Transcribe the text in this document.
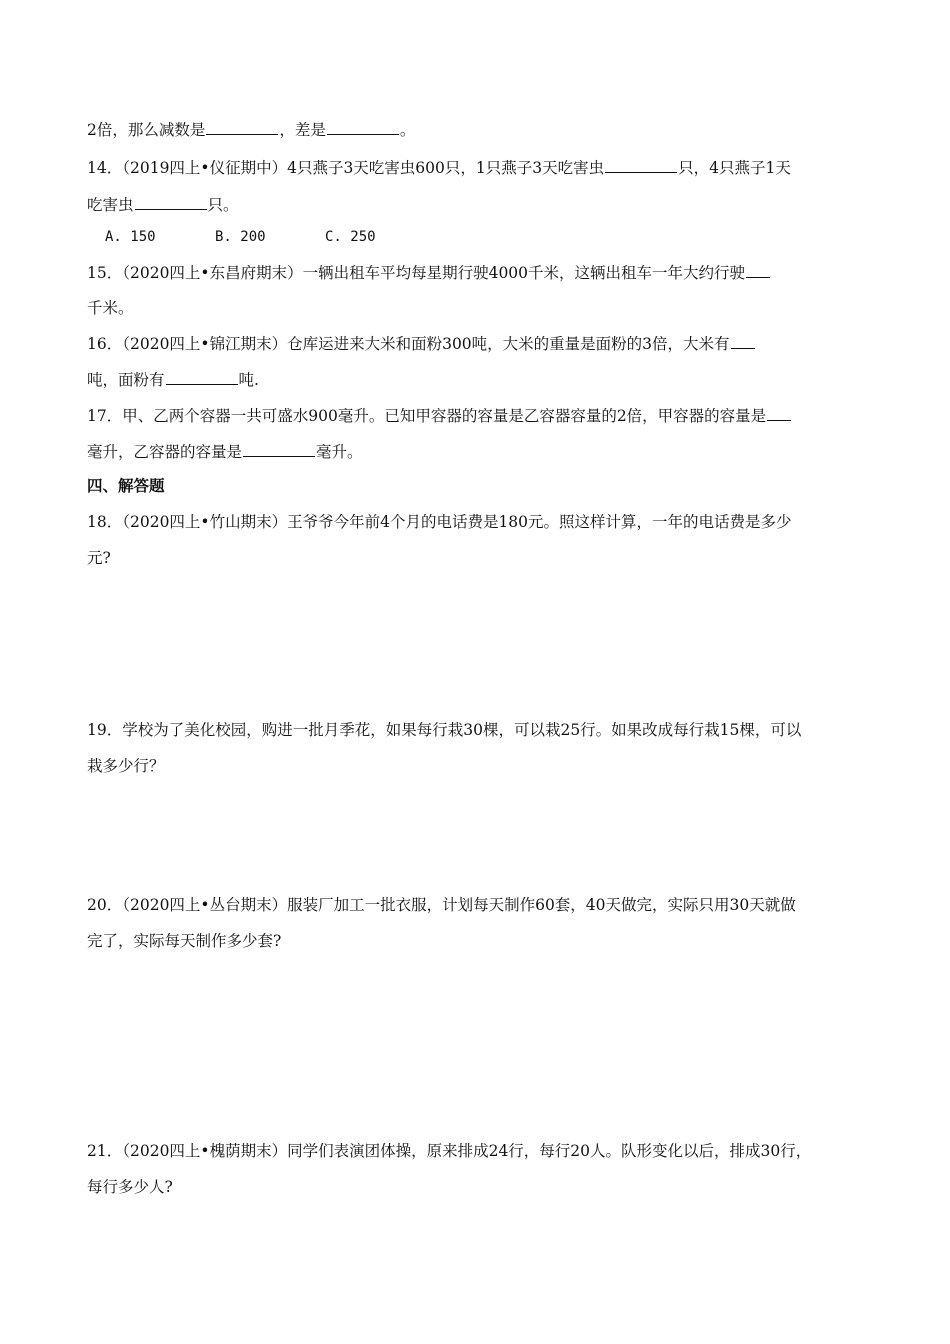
2倍，那么减数是	，差是	。
14．（2019四上•仪征期中）4只燕子3天吃害虫600只，1只燕子3天吃害虫	只，4只燕子1天
吃害虫	只。
A. 150	B. 200	C. 250
15．（2020四上•东昌府期末）一辆出租车平均每星期行驶4000千米，这辆出租车一年大约行驶
千米。
16．（2020四上•锦江期末）仓库运进来大米和面粉300吨，大米的重量是面粉的3倍，大米有
吨，面粉有	吨.
17．甲、乙两个容器一共可盛水900毫升。已知甲容器的容量是乙容器容量的2倍，甲容器的容量是
毫升，乙容器的容量是	毫升。
四、解答题
18．（2020四上•竹山期末）王爷爷今年前4个月的电话费是180元。照这样计算，一年的电话费是多少
元?
19．学校为了美化校园，购进一批月季花，如果每行栽30棵，可以栽25行。如果改成每行栽15棵，可以
栽多少行？
20．（2020四上•丛台期末）服装厂加工一批衣服，计划每天制作60套，40天做完，实际只用30天就做
完了，实际每天制作多少套?
21．（2020四上•槐荫期末）同学们表演团体操，原来排成24行，每行20人。队形变化以后，排成30行，
每行多少人?
